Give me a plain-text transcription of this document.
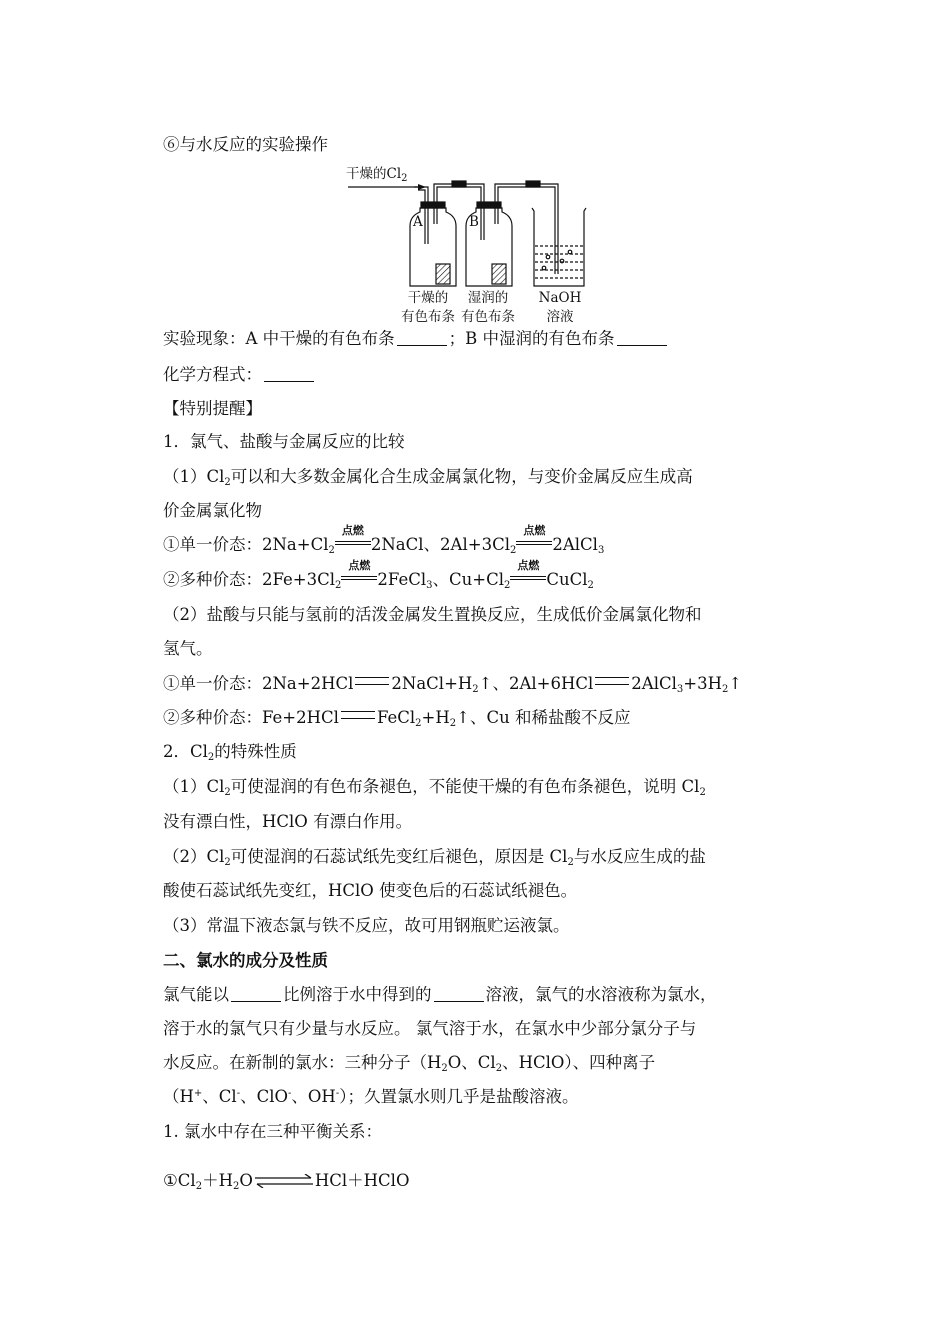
⑥与水反应的实验操作
干燥的$Cl_2$
A	B
干燥的
有色布条
湿润的
有色布条
NaOH
溶液
实验现象：A 中干燥的有色布条	；B 中湿润的有色布条
化学方程式：
【特别提醒】
1．氯气、盐酸与金属反应的比较
$(1)Cl_2$可以和大多数金属化合生成金属氯化物，与变价金属反应生成高
价金属氯化物
①单一价态：$2Na+Cl_2$
点燃
2NaCl、$2Al+3Cl_2$
点燃
2AlCl$_3$
②多种价态：$2Fe+3Cl_2$
点燃
2FeCl$_3$、$Cu+Cl_2$
点燃
CuCl$_2$
（2）盐酸与只能与氢前的活泼金属发生置换反应，生成低价金属氯化物和
氢气。
①单一价态：2Na+2HCl $2NaCl+H_2↑$、2Al+6HCl $2AlCl_3+3H_2↑$
②多种价态：Fe+2HCl $FeCl_2+H_2↑$、Cu 和稀盐酸不反应
2．$Cl_2$的特殊性质
$(1)Cl_2$可使湿润的有色布条褪色，不能使干燥的有色布条褪色，说明 $Cl_2$
没有漂白性，HClO 有漂白作用。
$(2)Cl_2$可使湿润的石蕊试纸先变红后褪色，原因是 $Cl_2$与水反应生成的盐
酸使石蕊试纸先变红，HClO 使变色后的石蕊试纸褪色。
（3）常温下液态氯与铁不反应，故可用钢瓶贮运液氯。
二、氯水的成分及性质
氯气能以	比例溶于水中得到的	溶液，氯气的水溶液称为氯水，
溶于水的氯气只有少量与水反应。 氯气溶于水，在氯水中少部分氯分子与
水反应。在新制的氯水：三种分子（$H_2O$、$Cl_2$、HClO）、四种离子
（H+、Cl-、ClO-、OH-）；久置氯水则几乎是盐酸溶液。
1. 氯水中存在三种平衡关系：
$①Cl_2+H_2O\rightleftharpoons HCl+HClO$
